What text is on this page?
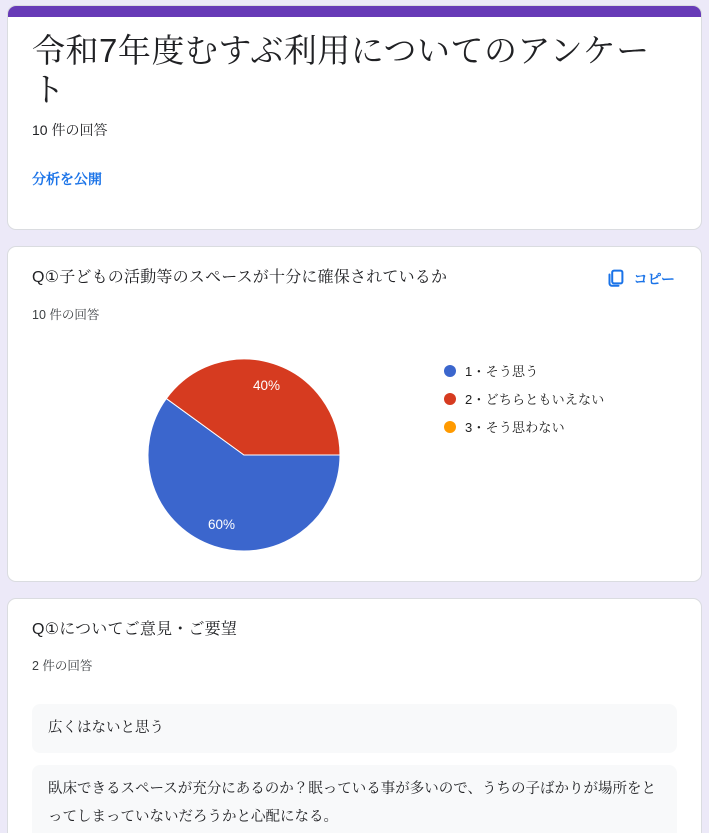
令和7年度むすぶ利用についてのアンケート
10 件の回答
分析を公開
Q①子どもの活動等のスペースが十分に確保されているか	コピー
10 件の回答
60%
40%
1・そう思う
2・どちらともいえない
3・そう思わない
Q①についてご意見・ご要望
2 件の回答
広くはないと思う
臥床できるスペースが充分にあるのか？眠っている事が多いので、うちの子ばかりが場所をとってしまっていないだろうかと心配になる。
